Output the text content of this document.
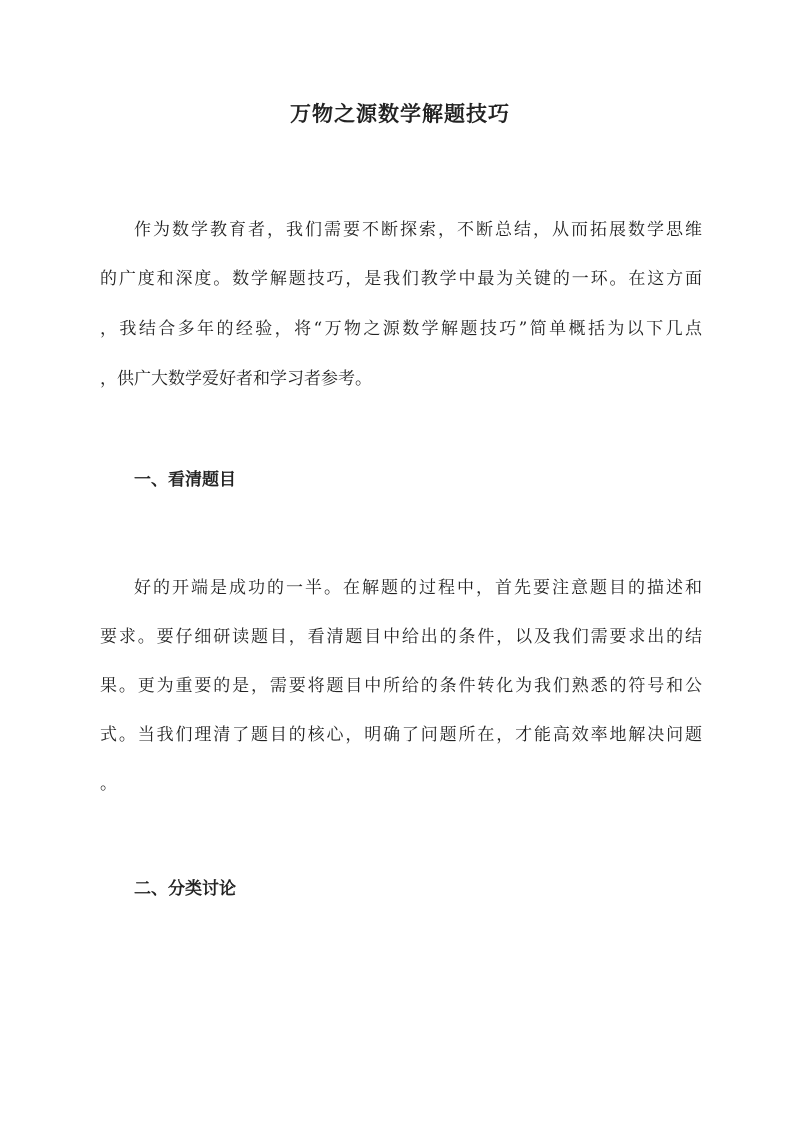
万物之源数学解题技巧

作为数学教育者，我们需要不断探索，不断总结，从而拓展数学思维

的广度和深度。数学解题技巧，是我们教学中最为关键的一环。在这方面

，我结合多年的经验，将“万物之源数学解题技巧”简单概括为以下几点

，供广大数学爱好者和学习者参考。

一、看清题目

好的开端是成功的一半。在解题的过程中，首先要注意题目的描述和

要求。要仔细研读题目，看清题目中给出的条件，以及我们需要求出的结

果。更为重要的是，需要将题目中所给的条件转化为我们熟悉的符号和公

式。当我们理清了题目的核心，明确了问题所在，才能高效率地解决问题

。

二、分类讨论
